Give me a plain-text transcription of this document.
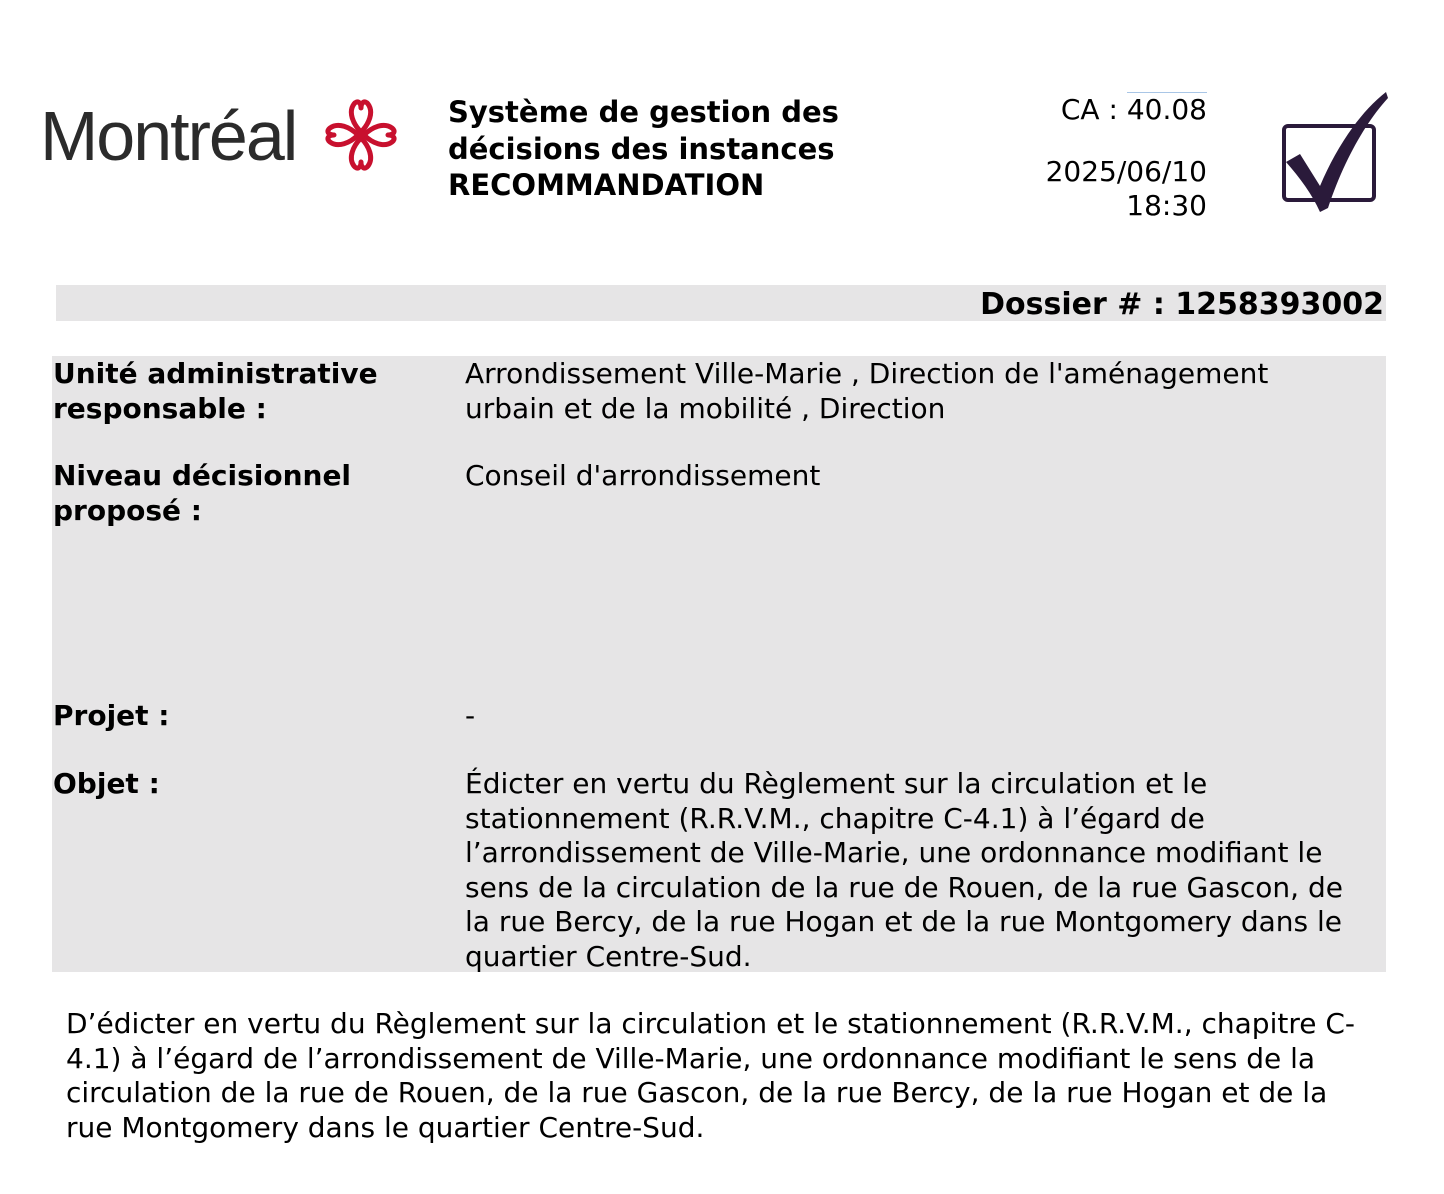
Montréal	Système de gestion des
décisions des instances
RECOMMANDATION
CA : 40.08
2025/06/10
18:30
Dossier # : 1258393002
Unité administrative
responsable :
Arrondissement Ville-Marie , Direction de l'aménagement urbain et de la mobilité , Direction
Niveau décisionnel
proposé :
Conseil d'arrondissement
Projet :	-
Objet :	Édicter en vertu du Règlement sur la circulation et le stationnement (R.R.V.M., chapitre C-4.1) à l’égard de l’arrondissement de Ville-Marie, une ordonnance modifiant le sens de la circulation de la rue de Rouen, de la rue Gascon, de la rue Bercy, de la rue Hogan et de la rue Montgomery dans le quartier Centre-Sud.
D’édicter en vertu du Règlement sur la circulation et le stationnement (R.R.V.M., chapitre C-4.1) à l’égard de l’arrondissement de Ville-Marie, une ordonnance modifiant le sens de la circulation de la rue de Rouen, de la rue Gascon, de la rue Bercy, de la rue Hogan et de la rue Montgomery dans le quartier Centre-Sud.
